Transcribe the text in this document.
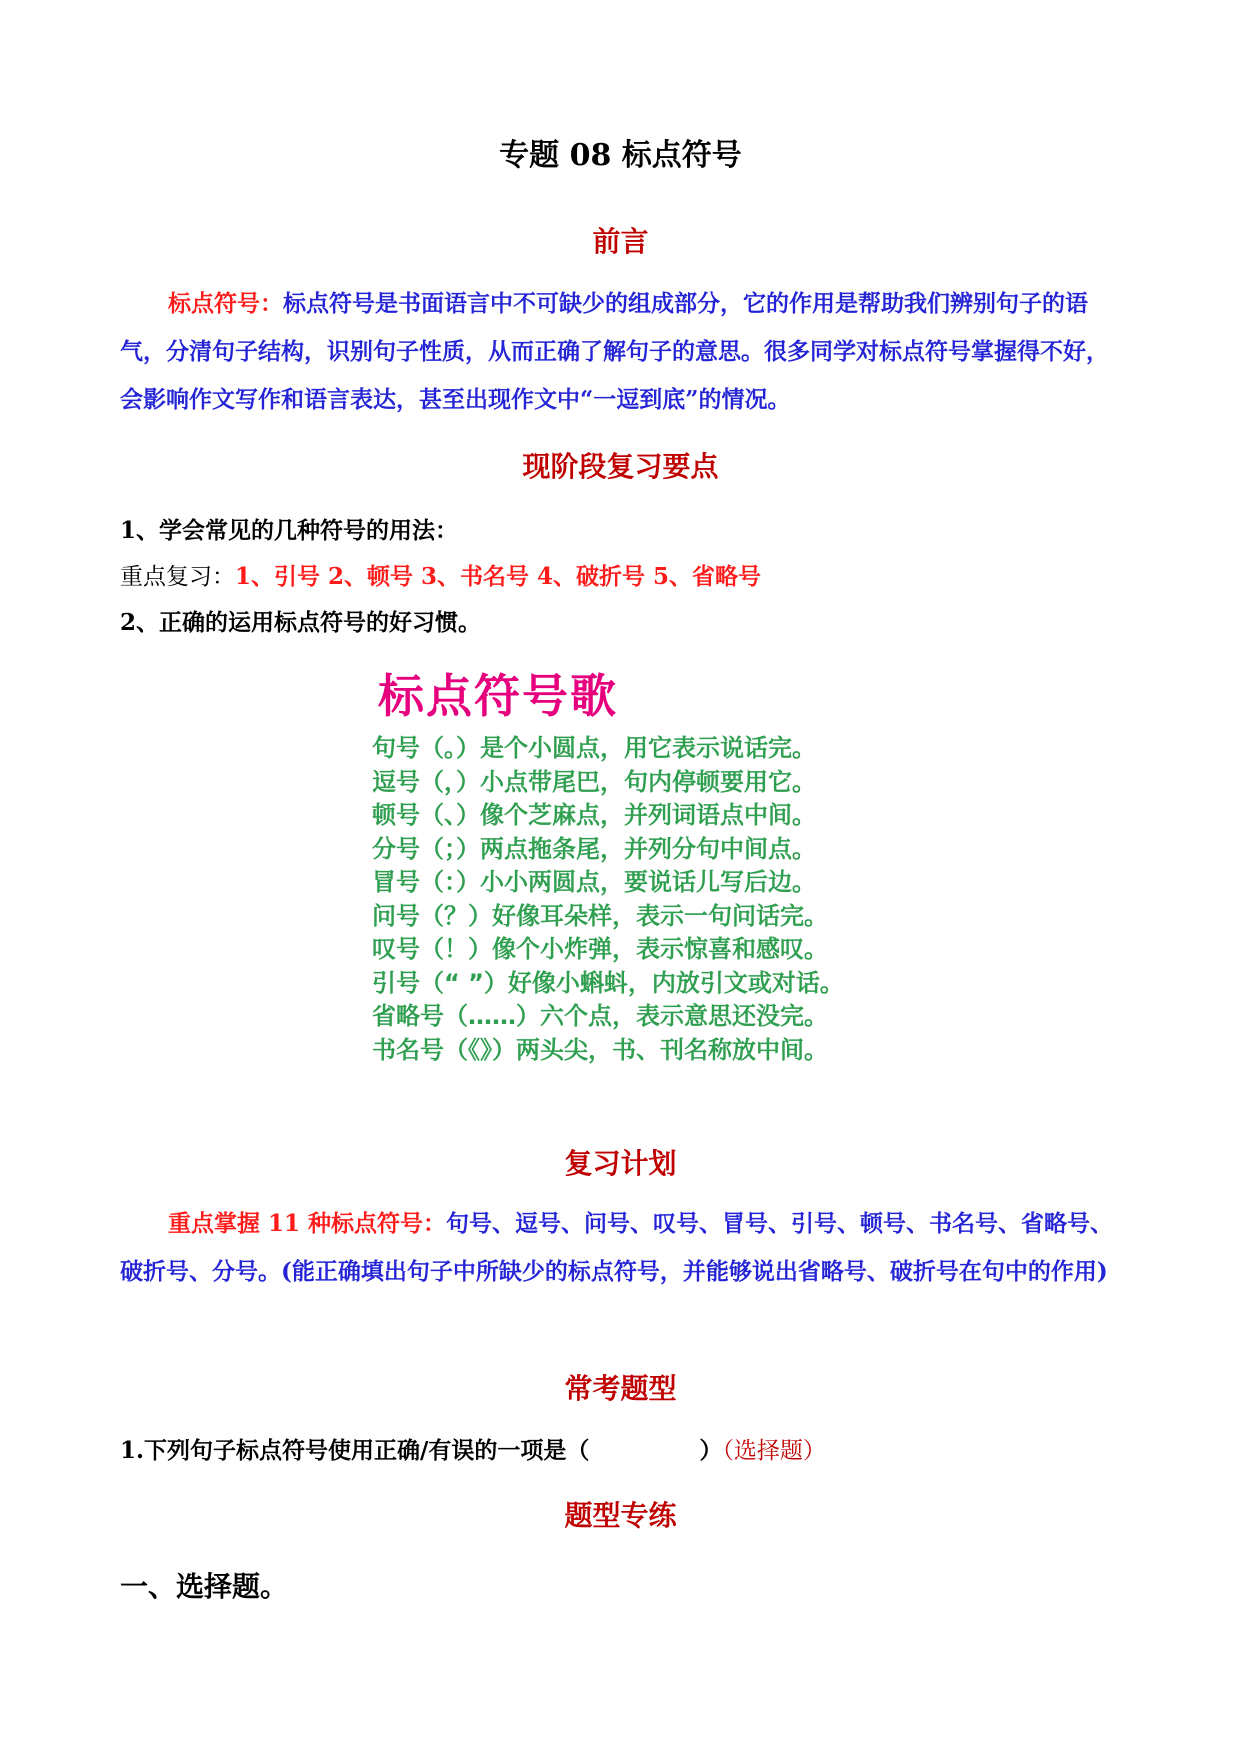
专题 08 标点符号
前言

标点符号：标点符号是书面语言中不可缺少的组成部分，它的作用是帮助我们辨别句子的语气，分清句子结构，识别句子性质，从而正确了解句子的意思。很多同学对标点符号掌握得不好，会影响作文写作和语言表达，甚至出现作文中“一逗到底”的情况。

现阶段复习要点

1、学会常见的几种符号的用法：

重点复习：1、引号 2、顿号 3、书名号 4、破折号 5、省略号

2、正确的运用标点符号的好习惯。

标点符号歌
句号（。）是个小圆点，用它表示说话完。
逗号（，）小点带尾巴，句内停顿要用它。
顿号（、）像个芝麻点，并列词语点中间。
分号（；）两点拖条尾，并列分句中间点。
冒号（：）小小两圆点，要说话儿写后边。
问号（？）好像耳朵样，表示一句问话完。
叹号（！）像个小炸弹，表示惊喜和感叹。
引号（“ ”）好像小蝌蚪，内放引文或对话。
省略号（……）六个点，表示意思还没完。
书名号（《》）两头尖，书、刊名称放中间。
复习计划

重点掌握 11 种标点符号：句号、逗号、问号、叹号、冒号、引号、顿号、书名号、省略号、破折号、分号。(能正确填出句子中所缺少的标点符号，并能够说出省略号、破折号在句中的作用)

常考题型

1.下列句子标点符号使用正确/有误的一项是（	）（选择题）

题型专练
一、选择题。
